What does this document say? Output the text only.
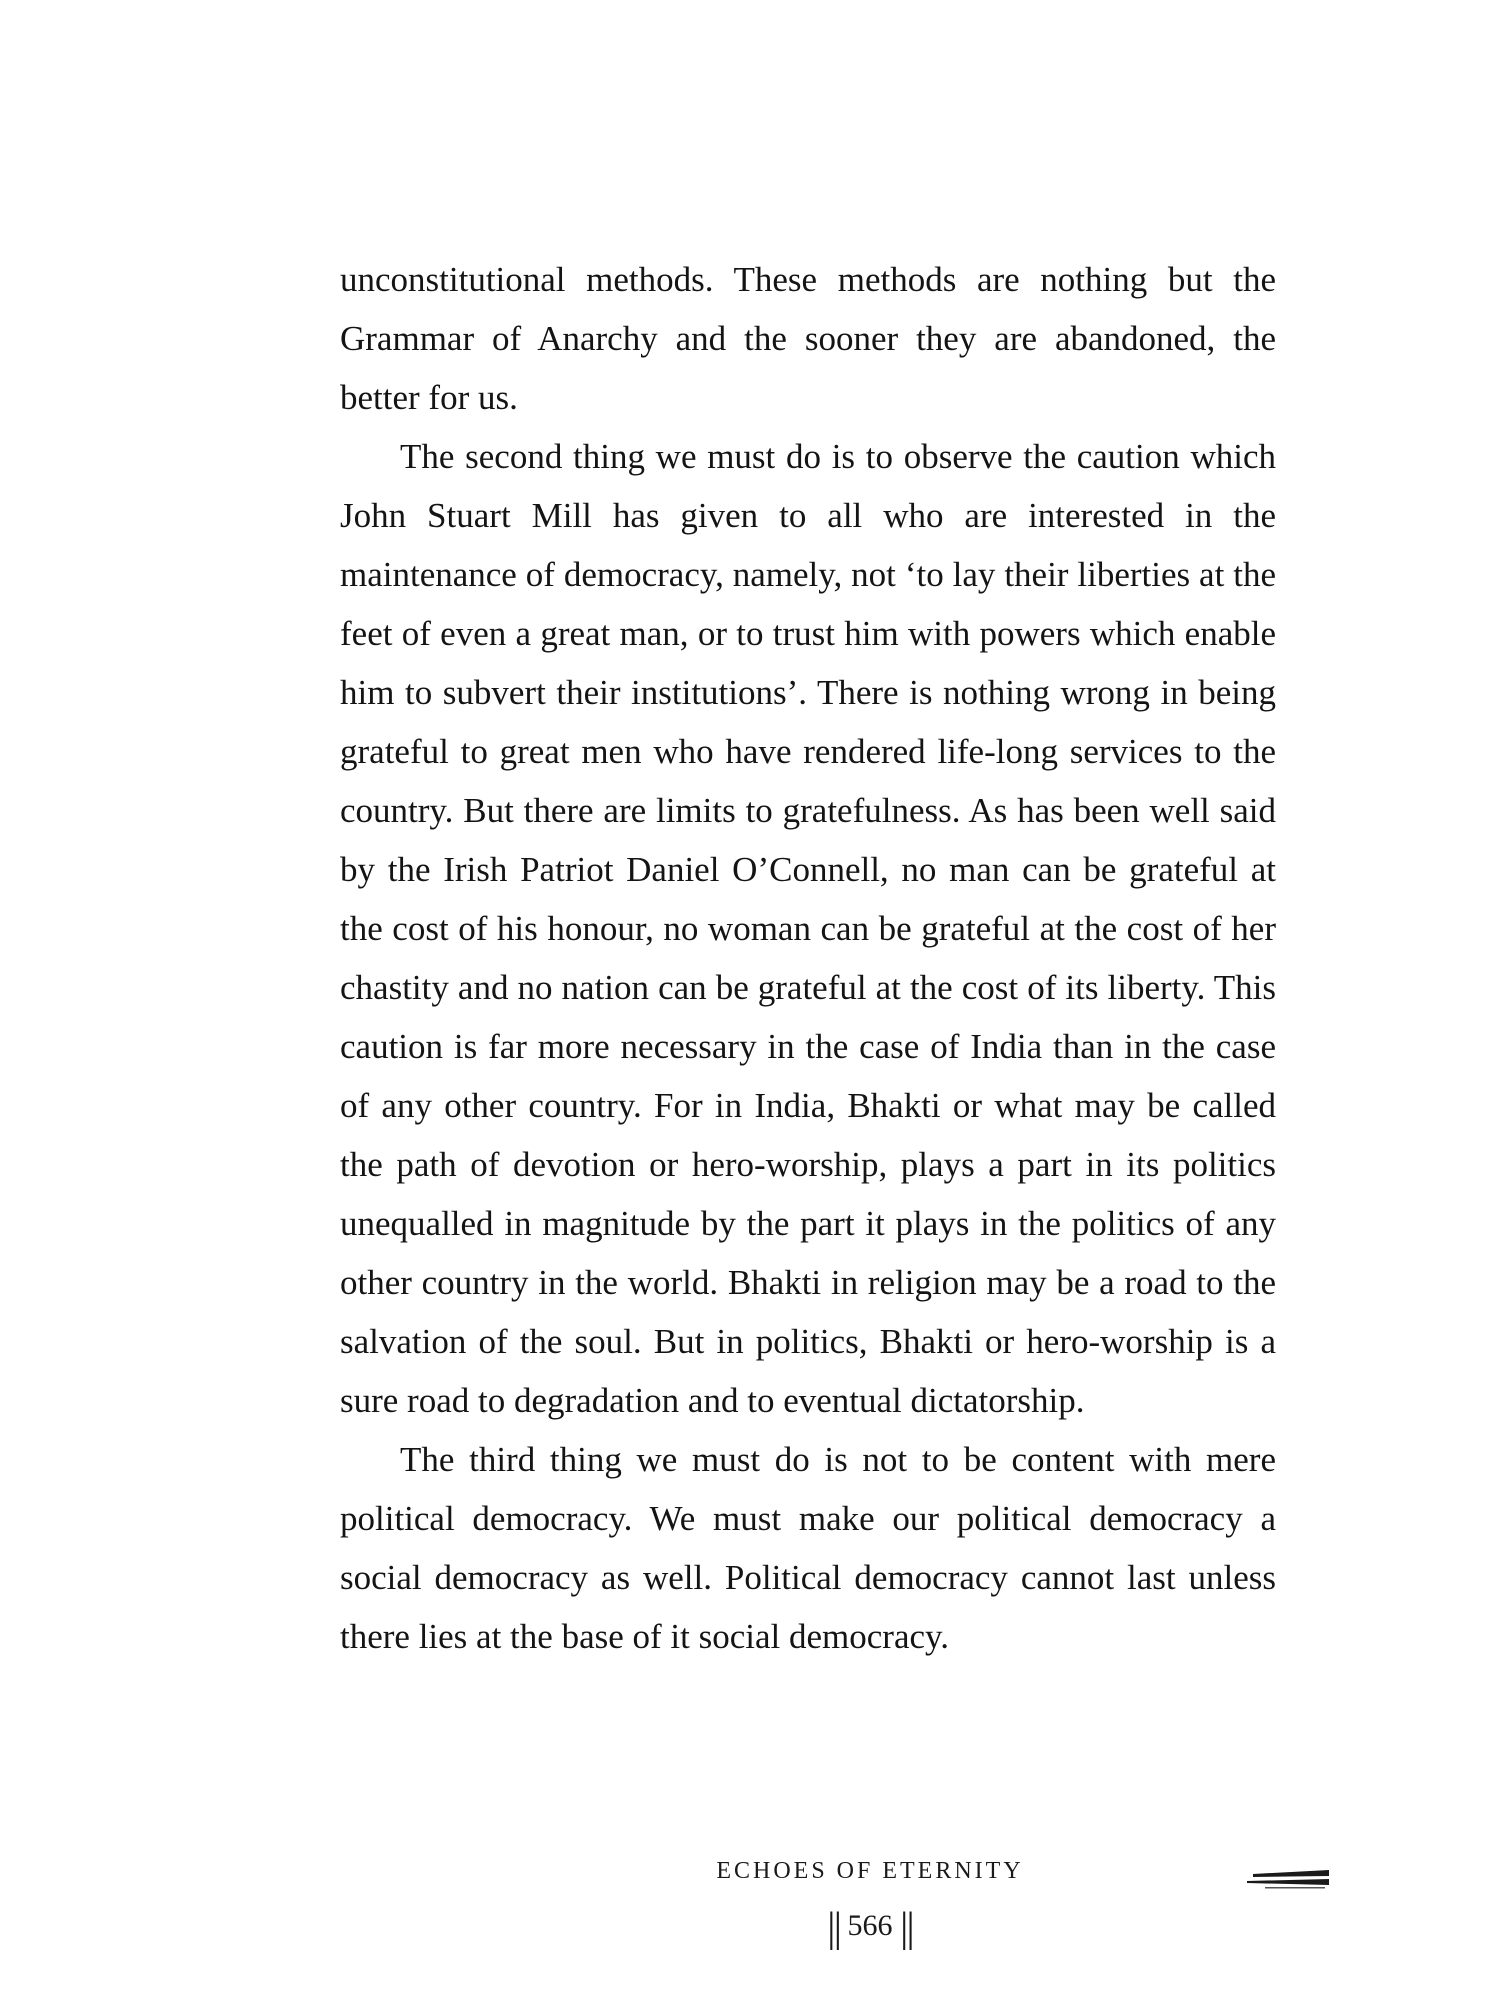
unconstitutional methods. These methods are nothing but the Grammar of Anarchy and the sooner they are abandoned, the better for us.

The second thing we must do is to observe the caution which John Stuart Mill has given to all who are interested in the maintenance of democracy, namely, not ‘to lay their liberties at the feet of even a great man, or to trust him with powers which enable him to subvert their institutions’. There is nothing wrong in being grateful to great men who have rendered life-long services to the country. But there are limits to gratefulness. As has been well said by the Irish Patriot Daniel O’Connell, no man can be grateful at the cost of his honour, no woman can be grateful at the cost of her chastity and no nation can be grateful at the cost of its liberty. This caution is far more necessary in the case of India than in the case of any other country. For in India, Bhakti or what may be called the path of devotion or hero-worship, plays a part in its politics unequalled in magnitude by the part it plays in the politics of any other country in the world. Bhakti in religion may be a road to the salvation of the soul. But in politics, Bhakti or hero-worship is a sure road to degradation and to eventual dictatorship.

The third thing we must do is not to be content with mere political democracy. We must make our political democracy a social democracy as well. Political democracy cannot last unless there lies at the base of it social democracy.

ECHOES OF ETERNITY
|| 566 ||
